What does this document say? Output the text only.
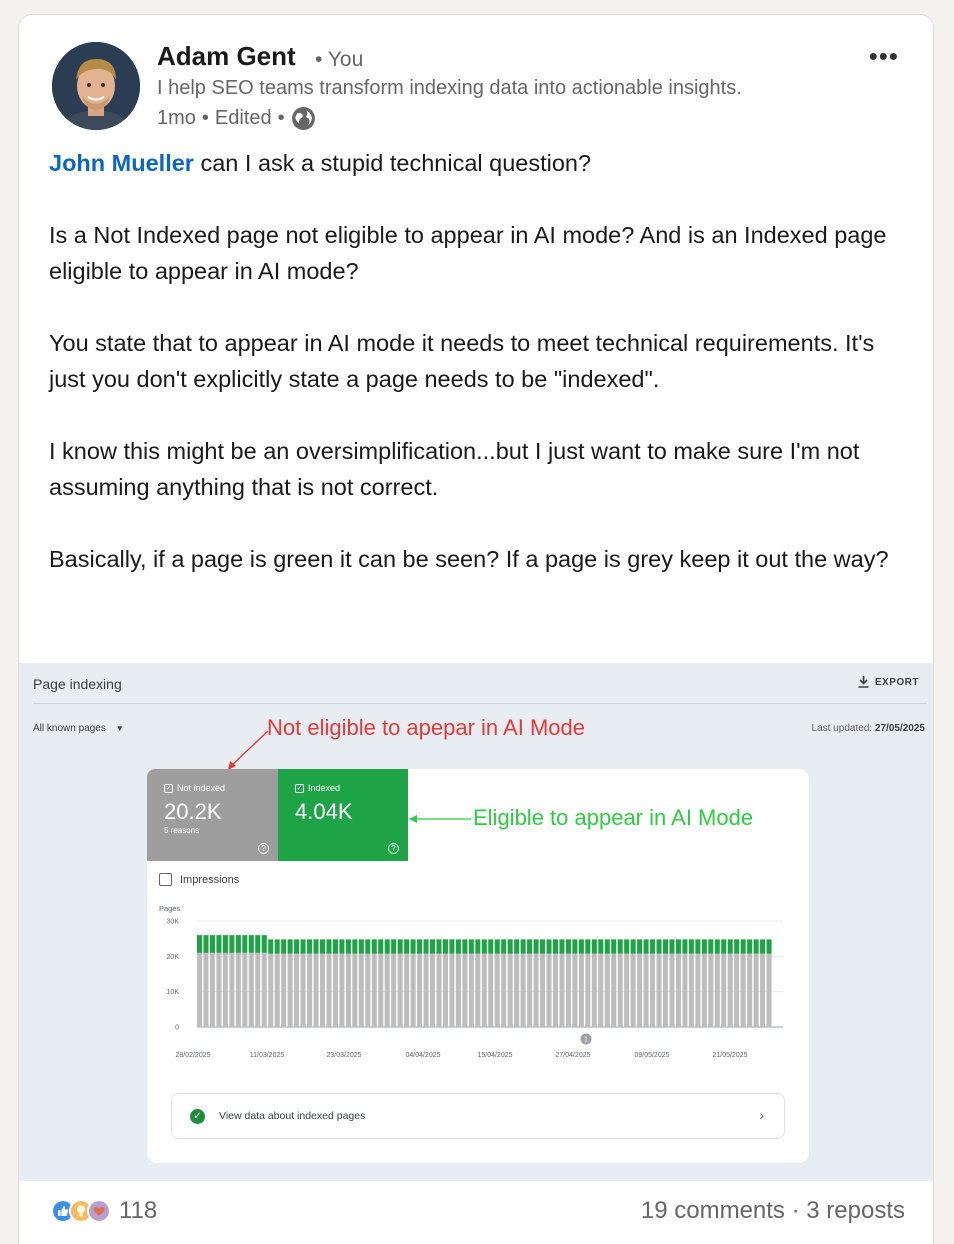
Adam Gent • You
I help SEO teams transform indexing data into actionable insights.
1mo • Edited •
•••

John Mueller can I ask a stupid technical question?

Is a Not Indexed page not eligible to appear in AI mode? And is an Indexed page eligible to appear in AI mode?

You state that to appear in AI mode it needs to meet technical requirements. It's just you don't explicitly state a page needs to be "indexed".

I know this might be an oversimplification...but I just want to make sure I'm not assuming anything that is not correct.

Basically, if a page is green it can be seen? If a page is grey keep it out the way?

Page indexing	EXPORT
All known pages ▼	Last updated: 27/05/2025
Not eligible to apepar in AI Mode
✓ Not indexed
20.2K
5 reasons
?
✓ Indexed
4.04K
?
Impressions
Pages
30K
20K
10K
0
28/02/2025	11/03/2025	23/03/2025	04/04/2025	15/04/2025	27/04/2025	09/05/2025	21/05/2025
1
✓	View data about indexed pages	›
Eligible to appear in AI Mode
118	19 comments · 3 reposts
